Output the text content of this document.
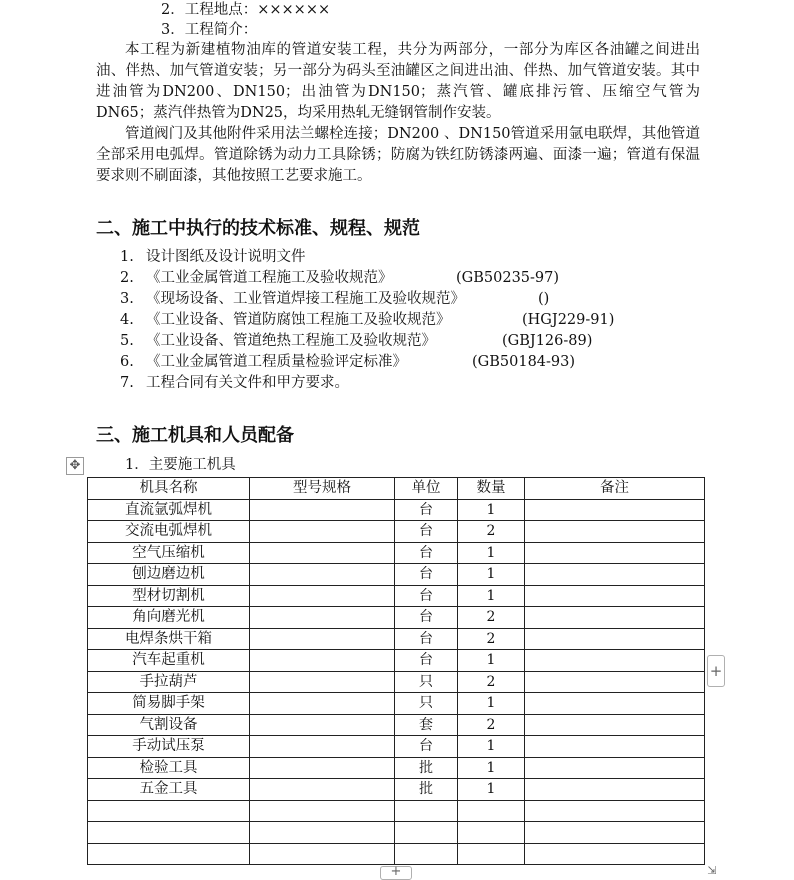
2．工程地点：××××××
3．工程简介：

本工程为新建植物油库的管道安装工程，共分为两部分，一部分为库区各油罐之间进出油、伴热、加气管道安装；另一部分为码头至油罐区之间进出油、伴热、加气管道安装。其中进油管为DN200、DN150；出油管为DN150；蒸汽管、罐底排污管、压缩空气管为DN65；蒸汽伴热管为DN25，均采用热轧无缝钢管制作安装。

管道阀门及其他附件采用法兰螺栓连接；DN200 、DN150管道采用氩电联焊，其他管道全部采用电弧焊。管道除锈为动力工具除锈；防腐为铁红防锈漆两遍、面漆一遍；管道有保温要求则不刷面漆，其他按照工艺要求施工。

二、施工中执行的技术标准、规程、规范
1. 设计图纸及设计说明文件
2. 《工业金属管道工程施工及验收规范》	(GB50235-97)
3. 《现场设备、工业管道焊接工程施工及验收规范》	()
4. 《工业设备、管道防腐蚀工程施工及验收规范》	(HGJ229-91)
5. 《工业设备、管道绝热工程施工及验收规范》	(GBJ126-89)
6. 《工业金属管道工程质量检验评定标准》	(GB50184-93)
7. 工程合同有关文件和甲方要求。
三、施工机具和人员配备
✥	1．主要施工机具
机具名称	型号规格	单位	数量	备注
直流氩弧焊机		台	1	
交流电弧焊机		台	2	
空气压缩机		台	1	
刨边磨边机		台	1	
型材切割机		台	1	
角向磨光机		台	2	
电焊条烘干箱		台	2	
汽车起重机		台	1	
手拉葫芦		只	2	
简易脚手架		只	1	
气割设备		套	2	
手动试压泵		台	1	
检验工具		批	1	
五金工具		批	1	

+
+	⇲
